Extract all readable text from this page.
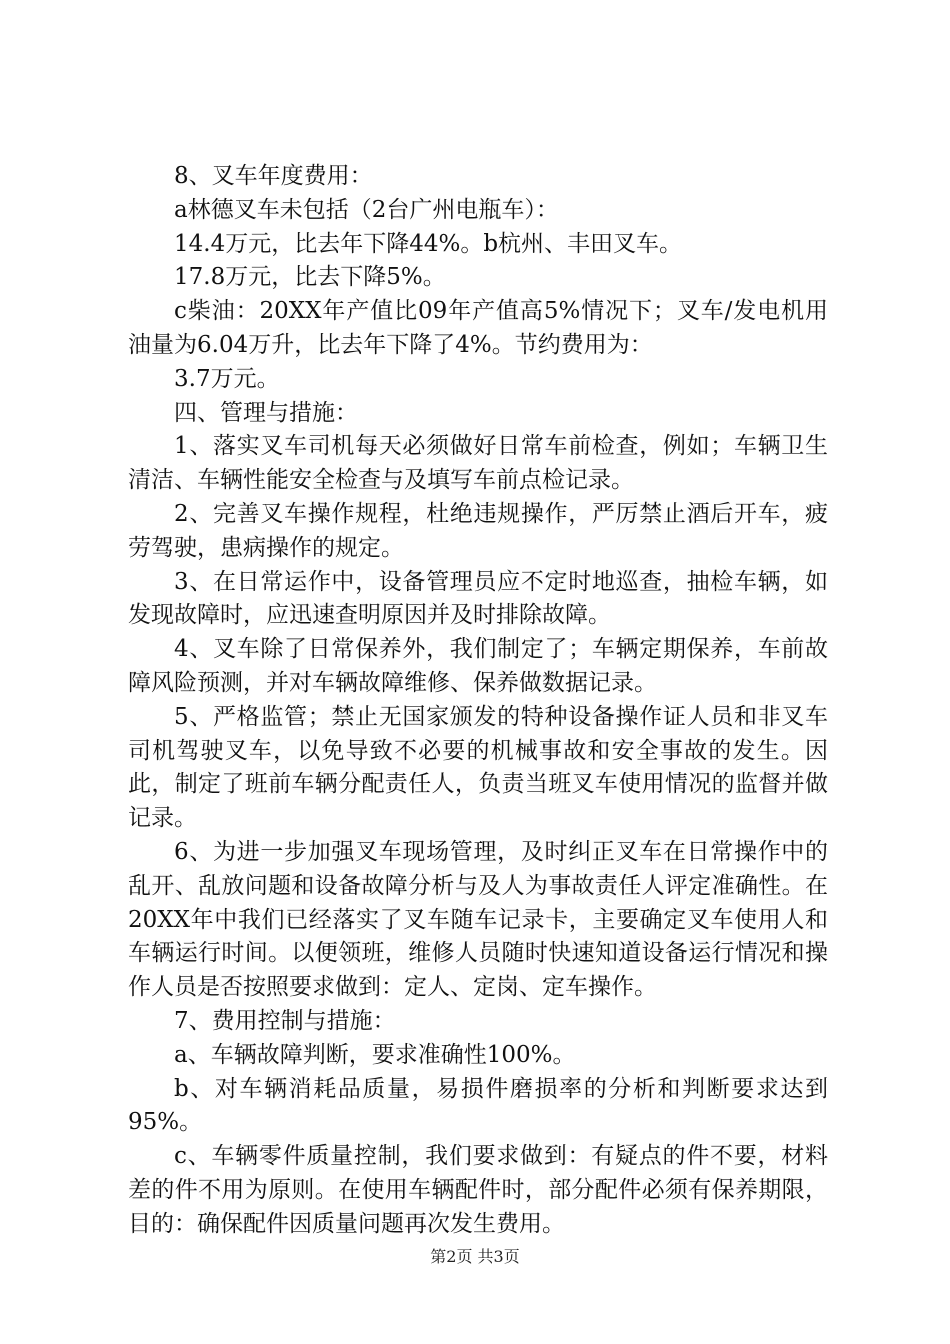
8、叉车年度费用：

a林德叉车未包括（2台广州电瓶车）：

14.4万元，比去年下降44%。b杭州、丰田叉车。

17.8万元，比去下降5%。

c柴油：20XX年产值比09年产值高5%情况下；叉车/发电机用油量为6.04万升，比去年下降了4%。节约费用为：

3.7万元。

四、管理与措施：

1、落实叉车司机每天必须做好日常车前检查，例如；车辆卫生清洁、车辆性能安全检查与及填写车前点检记录。

2、完善叉车操作规程，杜绝违规操作，严厉禁止酒后开车，疲劳驾驶，患病操作的规定。

3、在日常运作中，设备管理员应不定时地巡查，抽检车辆，如发现故障时，应迅速查明原因并及时排除故障。

4、叉车除了日常保养外，我们制定了；车辆定期保养，车前故障风险预测，并对车辆故障维修、保养做数据记录。

5、严格监管；禁止无国家颁发的特种设备操作证人员和非叉车司机驾驶叉车，以免导致不必要的机械事故和安全事故的发生。因此，制定了班前车辆分配责任人，负责当班叉车使用情况的监督并做记录。

6、为进一步加强叉车现场管理，及时纠正叉车在日常操作中的乱开、乱放问题和设备故障分析与及人为事故责任人评定准确性。在20XX年中我们已经落实了叉车随车记录卡，主要确定叉车使用人和车辆运行时间。以便领班，维修人员随时快速知道设备运行情况和操作人员是否按照要求做到：定人、定岗、定车操作。

7、费用控制与措施：

a、车辆故障判断，要求准确性100%。

b、对车辆消耗品质量，易损件磨损率的分析和判断要求达到95%。

c、车辆零件质量控制，我们要求做到：有疑点的件不要，材料差的件不用为原则。在使用车辆配件时，部分配件必须有保养期限，目的：确保配件因质量问题再次发生费用。

第2页 共3页
